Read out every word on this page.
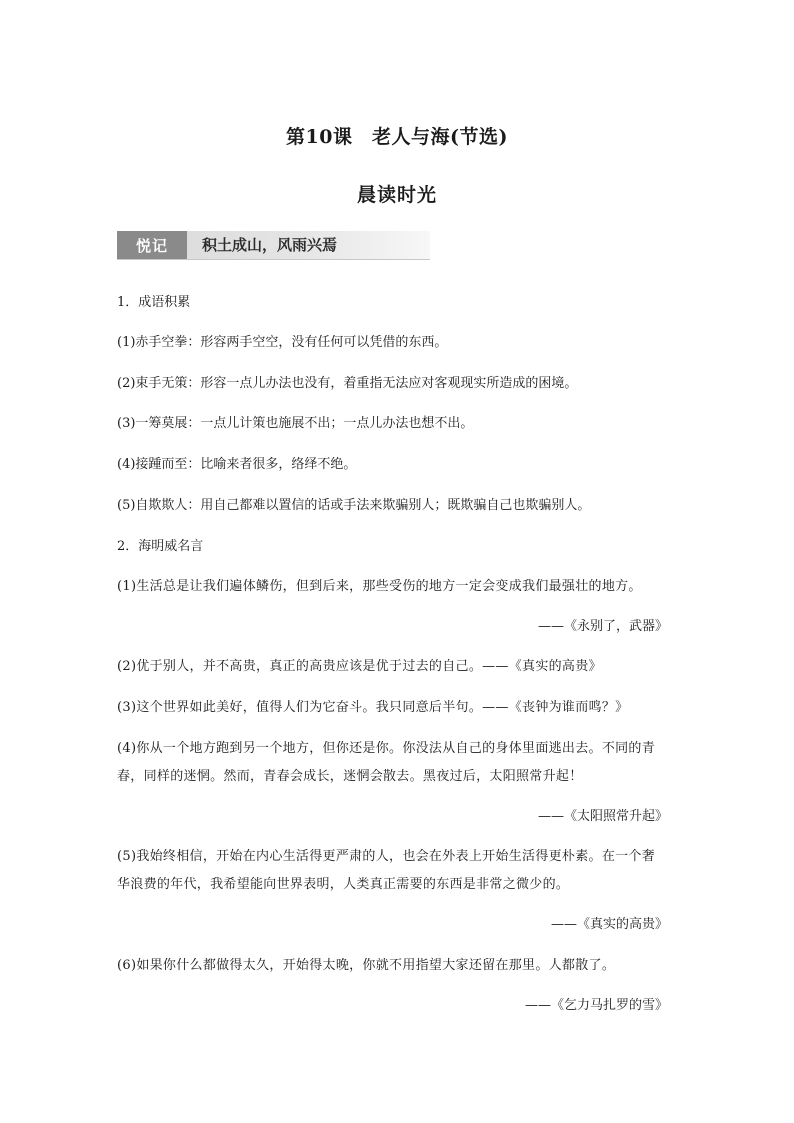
第10课　老人与海(节选)
晨读时光
悦记	积土成山，风雨兴焉
1．成语积累
(1)赤手空拳：形容两手空空，没有任何可以凭借的东西。
(2)束手无策：形容一点儿办法也没有，着重指无法应对客观现实所造成的困境。
(3)一筹莫展：一点儿计策也施展不出；一点儿办法也想不出。
(4)接踵而至：比喻来者很多，络绎不绝。
(5)自欺欺人：用自己都难以置信的话或手法来欺骗别人；既欺骗自己也欺骗别人。
2．海明威名言
(1)生活总是让我们遍体鳞伤，但到后来，那些受伤的地方一定会变成我们最强壮的地方。
——《永别了，武器》
(2)优于别人，并不高贵，真正的高贵应该是优于过去的自己。——《真实的高贵》
(3)这个世界如此美好，值得人们为它奋斗。我只同意后半句。——《丧钟为谁而鸣？》
(4)你从一个地方跑到另一个地方，但你还是你。你没法从自己的身体里面逃出去。不同的青
春，同样的迷惘。然而，青春会成长，迷惘会散去。黑夜过后，太阳照常升起！
——《太阳照常升起》
(5)我始终相信，开始在内心生活得更严肃的人，也会在外表上开始生活得更朴素。在一个奢
华浪费的年代，我希望能向世界表明，人类真正需要的东西是非常之微少的。
——《真实的高贵》
(6)如果你什么都做得太久，开始得太晚，你就不用指望大家还留在那里。人都散了。
——《乞力马扎罗的雪》
